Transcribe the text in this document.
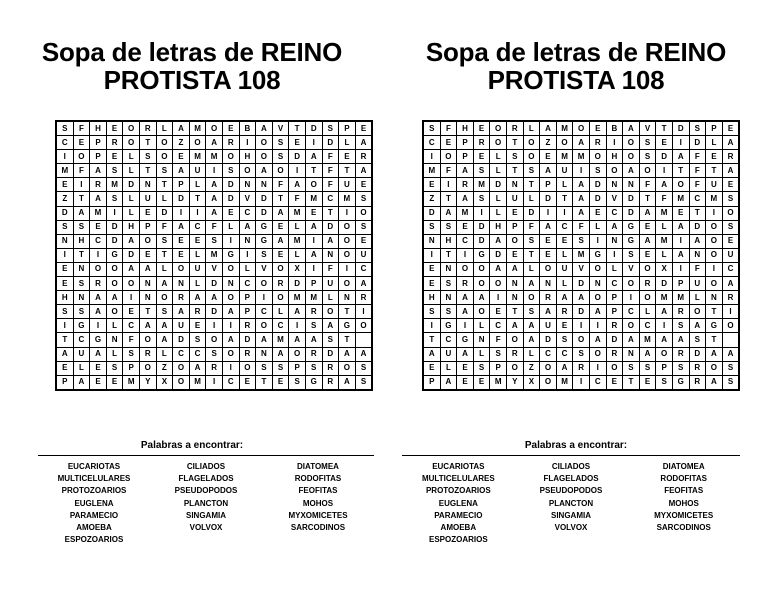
Sopa de letras de REINO
PROTISTA 108
S	F	H	E	O	R	L	A	M	O	E	B	A	V	T	D	S	P	E
C	E	P	R	O	T	O	Z	O	A	R	I	O	S	E	I	D	L	A
I	O	P	E	L	S	O	E	M	M	O	H	O	S	D	A	F	E	R
M	F	A	S	L	T	S	A	U	I	S	O	A	O	I	T	F	T	A
E	I	R	M	D	N	T	P	L	A	D	N	N	F	A	O	F	U	E
Z	T	A	S	L	U	L	D	T	A	D	V	D	T	F	M	C	M	S
D	A	M	I	L	E	D	I	I	A	E	C	D	A	M	E	T	I	O
S	S	E	D	H	P	F	A	C	F	L	A	G	E	L	A	D	O	S
N	H	C	D	A	O	S	E	E	S	I	N	G	A	M	I	A	O	E
I	T	I	G	D	E	T	E	L	M	G	I	S	E	L	A	N	O	U
E	N	O	O	A	A	L	O	U	V	O	L	V	O	X	I	F	I	C
E	S	R	O	O	N	A	N	L	D	N	C	O	R	D	P	U	O	A
H	N	A	A	I	N	O	R	A	A	O	P	I	O	M	M	L	N	R
S	S	A	O	E	T	S	A	R	D	A	P	C	L	A	R	O	T	I
I	G	I	L	C	A	A	U	E	I	I	R	O	C	I	S	A	G	O
T	C	G	N	F	O	A	D	S	O	A	D	A	M	A	A	S	T	
A	U	A	L	S	R	L	C	C	S	O	R	N	A	O	R	D	A	A
E	L	E	S	P	O	Z	O	A	R	I	O	S	S	P	S	R	O	S
P	A	E	E	M	Y	X	O	M	I	C	E	T	E	S	G	R	A	S
Palabras a encontrar:
EUCARIOTAS
MULTICELULARES
PROTOZOARIOS
EUGLENA
PARAMECIO
AMOEBA
ESPOZOARIOS
CILIADOS
FLAGELADOS
PSEUDOPODOS
PLANCTON
SINGAMIA
VOLVOX
DIATOMEA
RODOFITAS
FEOFITAS
MOHOS
MYXOMICETES
SARCODINOS
Sopa de letras de REINO
PROTISTA 108
S	F	H	E	O	R	L	A	M	O	E	B	A	V	T	D	S	P	E
C	E	P	R	O	T	O	Z	O	A	R	I	O	S	E	I	D	L	A
I	O	P	E	L	S	O	E	M	M	O	H	O	S	D	A	F	E	R
M	F	A	S	L	T	S	A	U	I	S	O	A	O	I	T	F	T	A
E	I	R	M	D	N	T	P	L	A	D	N	N	F	A	O	F	U	E
Z	T	A	S	L	U	L	D	T	A	D	V	D	T	F	M	C	M	S
D	A	M	I	L	E	D	I	I	A	E	C	D	A	M	E	T	I	O
S	S	E	D	H	P	F	A	C	F	L	A	G	E	L	A	D	O	S
N	H	C	D	A	O	S	E	E	S	I	N	G	A	M	I	A	O	E
I	T	I	G	D	E	T	E	L	M	G	I	S	E	L	A	N	O	U
E	N	O	O	A	A	L	O	U	V	O	L	V	O	X	I	F	I	C
E	S	R	O	O	N	A	N	L	D	N	C	O	R	D	P	U	O	A
H	N	A	A	I	N	O	R	A	A	O	P	I	O	M	M	L	N	R
S	S	A	O	E	T	S	A	R	D	A	P	C	L	A	R	O	T	I
I	G	I	L	C	A	A	U	E	I	I	R	O	C	I	S	A	G	O
T	C	G	N	F	O	A	D	S	O	A	D	A	M	A	A	S	T	
A	U	A	L	S	R	L	C	C	S	O	R	N	A	O	R	D	A	A
E	L	E	S	P	O	Z	O	A	R	I	O	S	S	P	S	R	O	S
P	A	E	E	M	Y	X	O	M	I	C	E	T	E	S	G	R	A	S
Palabras a encontrar:
EUCARIOTAS
MULTICELULARES
PROTOZOARIOS
EUGLENA
PARAMECIO
AMOEBA
ESPOZOARIOS
CILIADOS
FLAGELADOS
PSEUDOPODOS
PLANCTON
SINGAMIA
VOLVOX
DIATOMEA
RODOFITAS
FEOFITAS
MOHOS
MYXOMICETES
SARCODINOS
